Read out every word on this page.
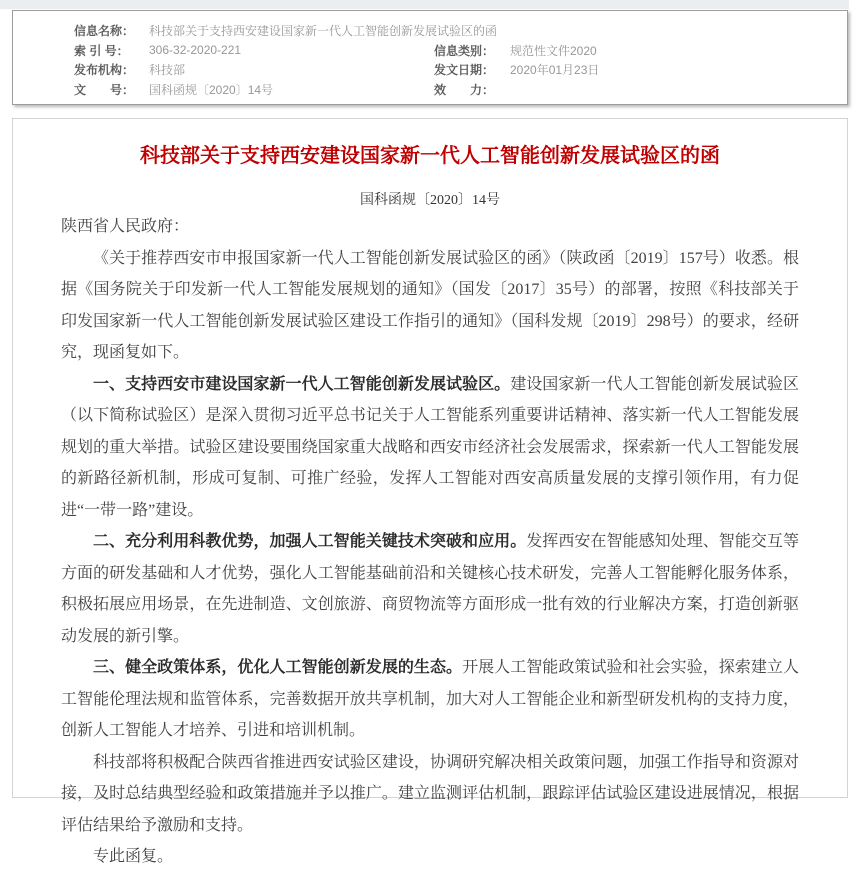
信息名称：	科技部关于支持西安建设国家新一代人工智能创新发展试验区的函		
索 引 号：	306-32-2020-221	信息类别：	规范性文件2020
发布机构：	科技部	发文日期：	2020年01月23日
文　　号：	国科函规〔2020〕14号	效　　力：	
科技部关于支持西安建设国家新一代人工智能创新发展试验区的函
国科函规〔2020〕14号

陕西省人民政府：

《关于推荐西安市申报国家新一代人工智能创新发展试验区的函》（陕政函〔2019〕157号）收悉。根据《国务院关于印发新一代人工智能发展规划的通知》（国发〔2017〕35号）的部署，按照《科技部关于印发国家新一代人工智能创新发展试验区建设工作指引的通知》（国科发规〔2019〕298号）的要求，经研究，现函复如下。

一、支持西安市建设国家新一代人工智能创新发展试验区。建设国家新一代人工智能创新发展试验区（以下简称试验区）是深入贯彻习近平总书记关于人工智能系列重要讲话精神、落实新一代人工智能发展规划的重大举措。试验区建设要围绕国家重大战略和西安市经济社会发展需求，探索新一代人工智能发展的新路径新机制，形成可复制、可推广经验，发挥人工智能对西安高质量发展的支撑引领作用，有力促进“一带一路”建设。

二、充分利用科教优势，加强人工智能关键技术突破和应用。发挥西安在智能感知处理、智能交互等方面的研发基础和人才优势，强化人工智能基础前沿和关键核心技术研发，完善人工智能孵化服务体系，积极拓展应用场景，在先进制造、文创旅游、商贸物流等方面形成一批有效的行业解决方案，打造创新驱动发展的新引擎。

三、健全政策体系，优化人工智能创新发展的生态。开展人工智能政策试验和社会实验，探索建立人工智能伦理法规和监管体系，完善数据开放共享机制，加大对人工智能企业和新型研发机构的支持力度，创新人工智能人才培养、引进和培训机制。

科技部将积极配合陕西省推进西安试验区建设，协调研究解决相关政策问题，加强工作指导和资源对接，及时总结典型经验和政策措施并予以推广。建立监测评估机制，跟踪评估试验区建设进展情况，根据评估结果给予激励和支持。

专此函复。
